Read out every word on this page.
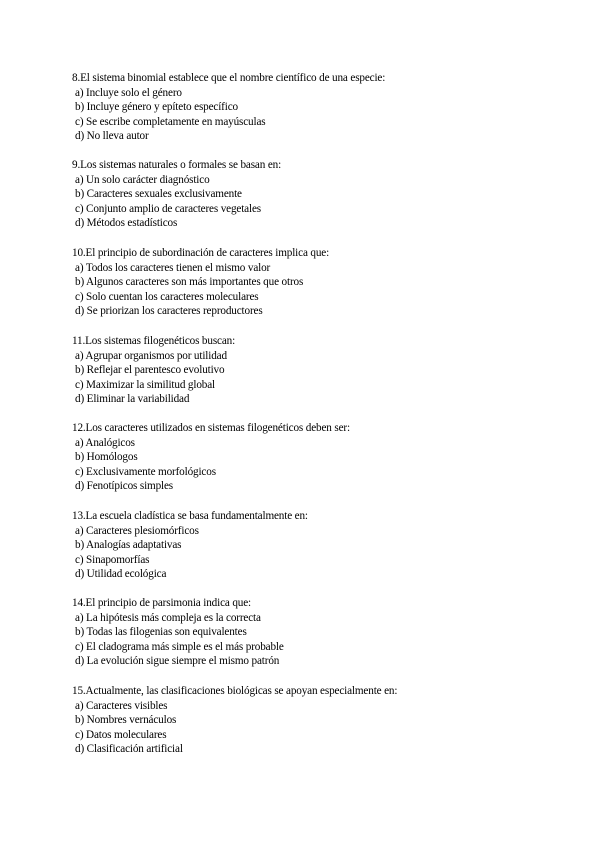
8.El sistema binomial establece que el nombre científico de una especie:
a) Incluye solo el género
b) Incluye género y epíteto específico
c) Se escribe completamente en mayúsculas
d) No lleva autor
9.Los sistemas naturales o formales se basan en:
a) Un solo carácter diagnóstico
b) Caracteres sexuales exclusivamente
c) Conjunto amplio de caracteres vegetales
d) Métodos estadísticos
10.El principio de subordinación de caracteres implica que:
a) Todos los caracteres tienen el mismo valor
b) Algunos caracteres son más importantes que otros
c) Solo cuentan los caracteres moleculares
d) Se priorizan los caracteres reproductores
11.Los sistemas filogenéticos buscan:
a) Agrupar organismos por utilidad
b) Reflejar el parentesco evolutivo
c) Maximizar la similitud global
d) Eliminar la variabilidad
12.Los caracteres utilizados en sistemas filogenéticos deben ser:
a) Analógicos
b) Homólogos
c) Exclusivamente morfológicos
d) Fenotípicos simples
13.La escuela cladística se basa fundamentalmente en:
a) Caracteres plesiomórficos
b) Analogías adaptativas
c) Sinapomorfías
d) Utilidad ecológica
14.El principio de parsimonia indica que:
a) La hipótesis más compleja es la correcta
b) Todas las filogenias son equivalentes
c) El cladograma más simple es el más probable
d) La evolución sigue siempre el mismo patrón
15.Actualmente, las clasificaciones biológicas se apoyan especialmente en:
a) Caracteres visibles
b) Nombres vernáculos
c) Datos moleculares
d) Clasificación artificial
